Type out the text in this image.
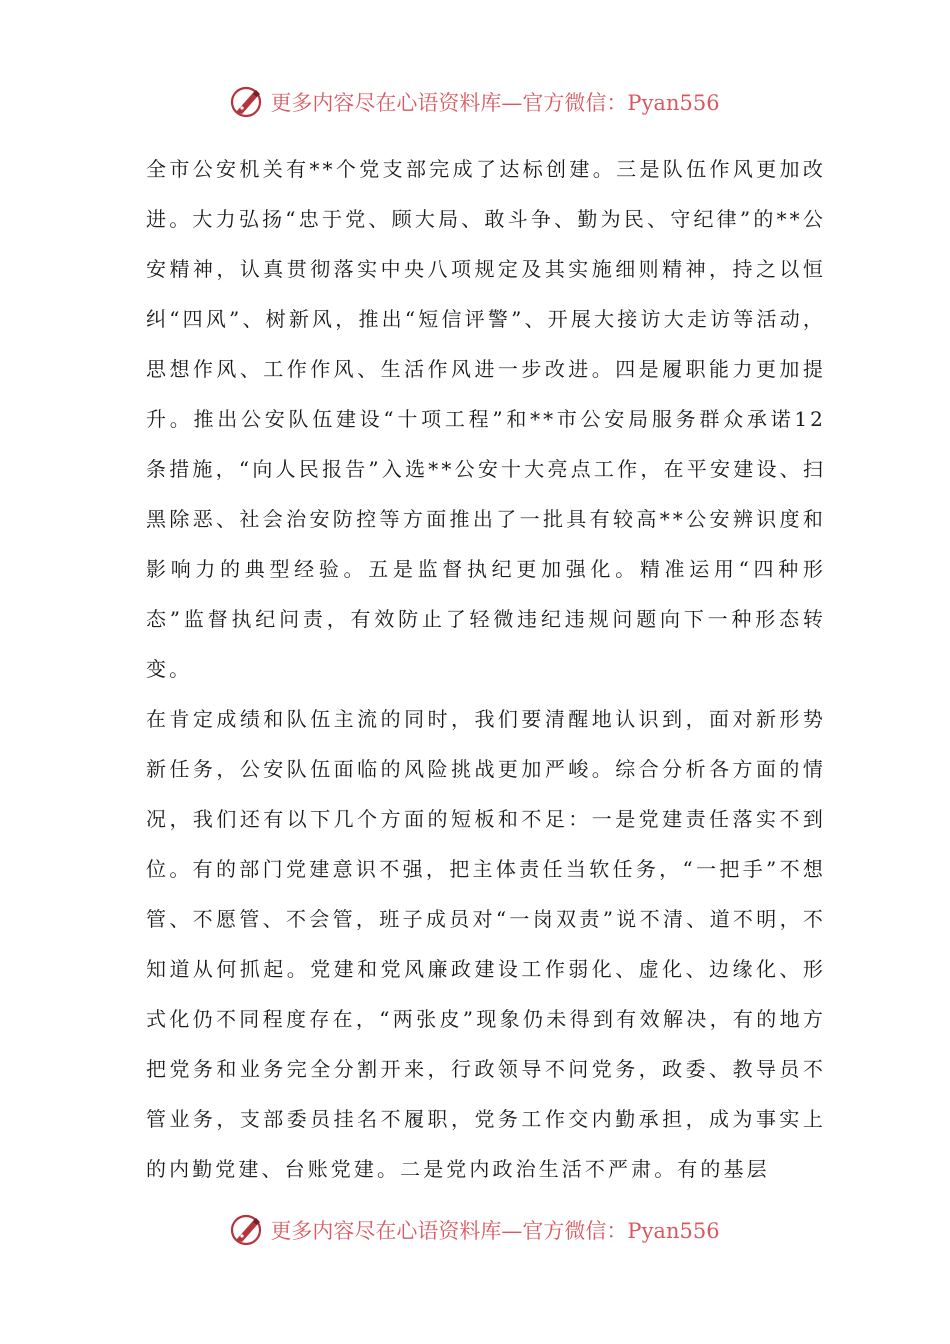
更多内容尽在心语资料库—官方微信：Pyan556

全市公安机关有**个党支部完成了达标创建。三是队伍作风更加改进。大力弘扬“忠于党、顾大局、敢斗争、勤为民、守纪律”的**公安精神，认真贯彻落实中央八项规定及其实施细则精神，持之以恒纠“四风”、树新风，推出“短信评警”、开展大接访大走访等活动，思想作风、工作作风、生活作风进一步改进。四是履职能力更加提升。推出公安队伍建设“十项工程”和**市公安局服务群众承诺12条措施，“向人民报告”入选**公安十大亮点工作，在平安建设、扫黑除恶、社会治安防控等方面推出了一批具有较高**公安辨识度和影响力的典型经验。五是监督执纪更加强化。精准运用“四种形态”监督执纪问责，有效防止了轻微违纪违规问题向下一种形态转变。

在肯定成绩和队伍主流的同时，我们要清醒地认识到，面对新形势新任务，公安队伍面临的风险挑战更加严峻。综合分析各方面的情况，我们还有以下几个方面的短板和不足：一是党建责任落实不到位。有的部门党建意识不强，把主体责任当软任务，“一把手”不想管、不愿管、不会管，班子成员对“一岗双责”说不清、道不明，不知道从何抓起。党建和党风廉政建设工作弱化、虚化、边缘化、形式化仍不同程度存在，“两张皮”现象仍未得到有效解决，有的地方把党务和业务完全分割开来，行政领导不问党务，政委、教导员不管业务，支部委员挂名不履职，党务工作交内勤承担，成为事实上的内勤党建、台账党建。二是党内政治生活不严肃。有的基层

更多内容尽在心语资料库—官方微信：Pyan556
